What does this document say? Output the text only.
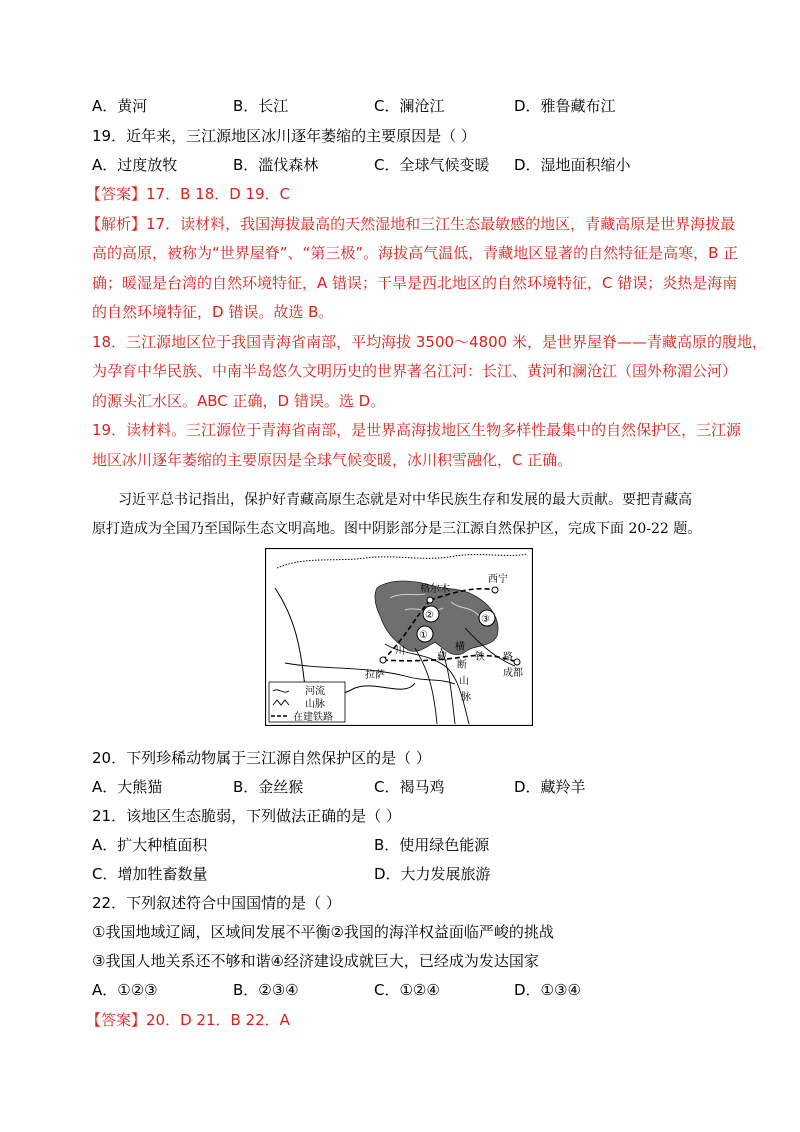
A．黄河	B．长江	C．澜沧江	D．雅鲁藏布江
19．近年来，三江源地区冰川逐年萎缩的主要原因是（ ）
A．过度放牧	B．滥伐森林	C．全球气候变暖 D．湿地面积缩小
【答案】17．B 18．D 19．C
【解析】17．读材料，我国海拔最高的天然湿地和三江生态最敏感的地区，青藏高原是世界海拔最
高的高原，被称为“世界屋脊”、“第三极”。海拔高气温低，青藏地区显著的自然特征是高寒，B 正
确；暖湿是台湾的自然环境特征，A 错误；干旱是西北地区的自然环境特征，C 错误；炎热是海南
的自然环境特征，D 错误。故选 B。
18．三江源地区位于我国青海省南部，平均海拔 3500～4800 米，是世界屋脊——青藏高原的腹地，
为孕育中华民族、中南半岛悠久文明历史的世界著名江河：长江、黄河和澜沧江（国外称湄公河）
的源头汇水区。ABC 正确，D 错误。选 D。
19．读材料。三江源位于青海省南部，是世界高海拔地区生物多样性最集中的自然保护区，三江源
地区冰川逐年萎缩的主要原因是全球气候变暖，冰川积雪融化，C 正确。
习近平总书记指出，保护好青藏高原生态就是对中华民族生存和发展的最大贡献。要把青藏高
原打造成为全国乃至国际生态文明高地。图中阴影部分是三江源自然保护区，完成下面 20-22 题。
西宁
格尔木
拉萨	成都
川
藏	铁 路
横
断
山
脉
①
②	③
河流
山脉
在建铁路
20．下列珍稀动物属于三江源自然保护区的是（ ）
A．大熊猫	B．金丝猴	C．褐马鸡	D．藏羚羊
21．该地区生态脆弱，下列做法正确的是（ ）
A．扩大种植面积	B．使用绿色能源
C．增加牲畜数量	D．大力发展旅游
22．下列叙述符合中国国情的是（ ）
①我国地域辽阔，区域间发展不平衡②我国的海洋权益面临严峻的挑战
③我国人地关系还不够和谐④经济建设成就巨大，已经成为发达国家
A．①②③	B．②③④	C．①②④	D．①③④
【答案】20．D 21．B 22．A
